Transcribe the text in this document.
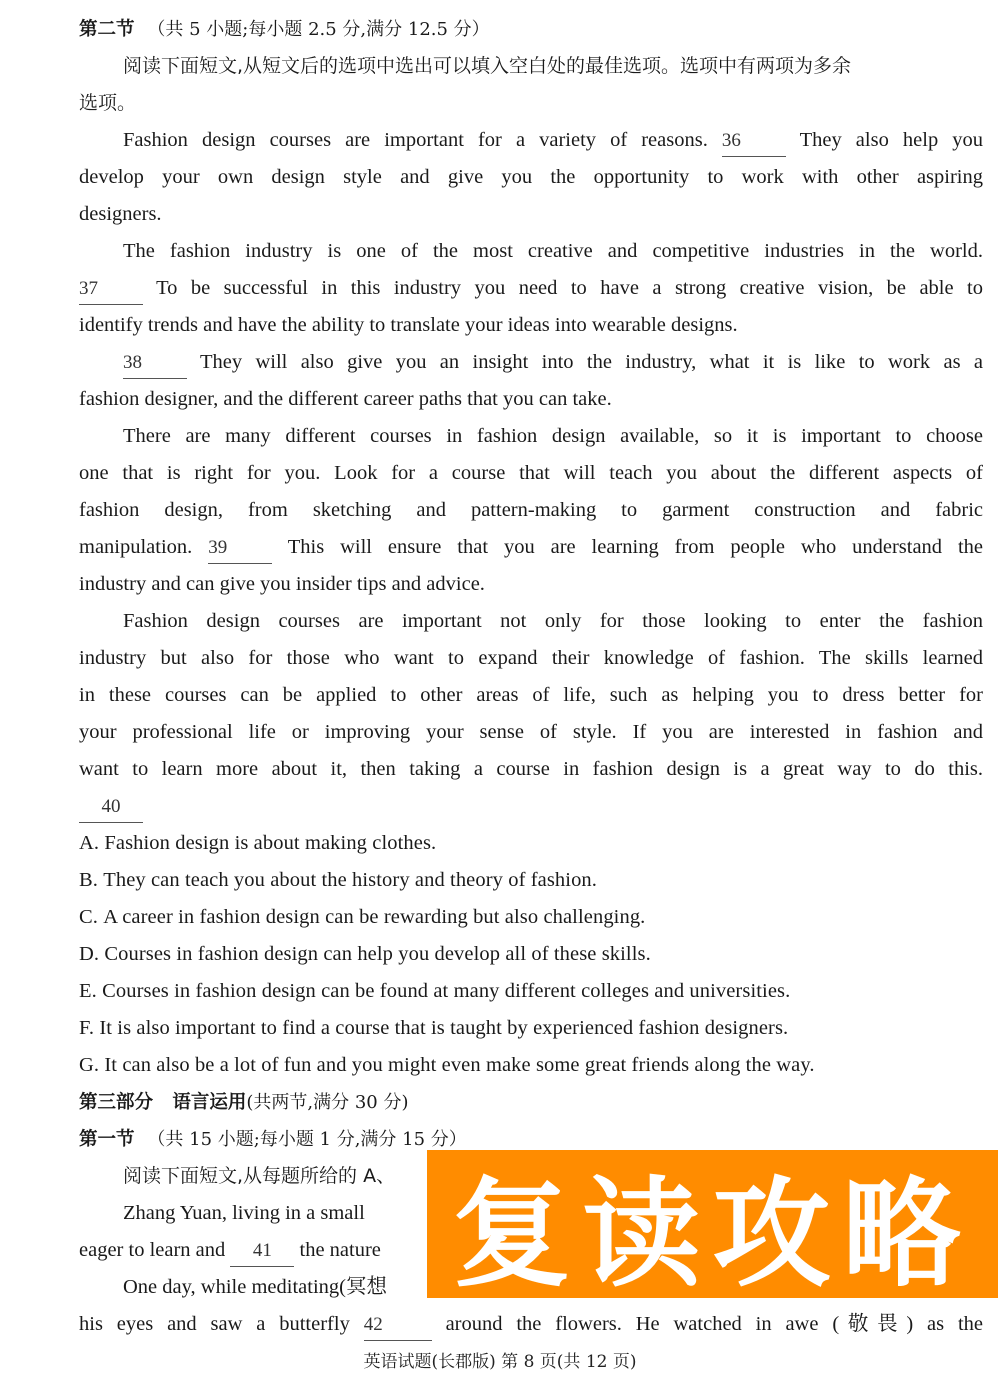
第二节 （共 5 小题;每小题 2.5 分,满分 12.5 分）
阅读下面短文,从短文后的选项中选出可以填入空白处的最佳选项。选项中有两项为多余
选项。
Fashion design courses are important for a variety of reasons. 36	They also help you
develop your own design style and give you the opportunity to work with other aspiring
designers.
The fashion industry is one of the most creative and competitive industries in the world.
37	To be successful in this industry you need to have a strong creative vision, be able to
identify trends and have the ability to translate your ideas into wearable designs.
38	They will also give you an insight into the industry, what it is like to work as a
fashion designer, and the different career paths that you can take.
There are many different courses in fashion design available, so it is important to choose
one that is right for you. Look for a course that will teach you about the different aspects of
fashion design, from sketching and pattern-making to garment construction and fabric
manipulation. 39	This will ensure that you are learning from people who understand the
industry and can give you insider tips and advice.
Fashion design courses are important not only for those looking to enter the fashion
industry but also for those who want to expand their knowledge of fashion. The skills learned
in these courses can be applied to other areas of life, such as helping you to dress better for
your professional life or improving your sense of style. If you are interested in fashion and
want to learn more about it, then taking a course in fashion design is a great way to do this.
40
A. Fashion design is about making clothes.
B. They can teach you about the history and theory of fashion.
C. A career in fashion design can be rewarding but also challenging.
D. Courses in fashion design can help you develop all of these skills.
E. Courses in fashion design can be found at many different colleges and universities.
F. It is also important to find a course that is taught by experienced fashion designers.
G. It can also be a lot of fun and you might even make some great friends along the way.
第三部分 语言运用(共两节,满分 30 分)
第一节 （共 15 小题;每小题 1 分,满分 15 分）
阅读下面短文,从每题所给的 A、
Zhang Yuan, living in a small
eager to learn and 41 the nature
One day, while meditating(冥想
his eyes and saw a butterfly 42	around the flowers. He watched in awe (敬畏) as the
复读攻略
英语试题(长郡版) 第 8 页(共 12 页)
